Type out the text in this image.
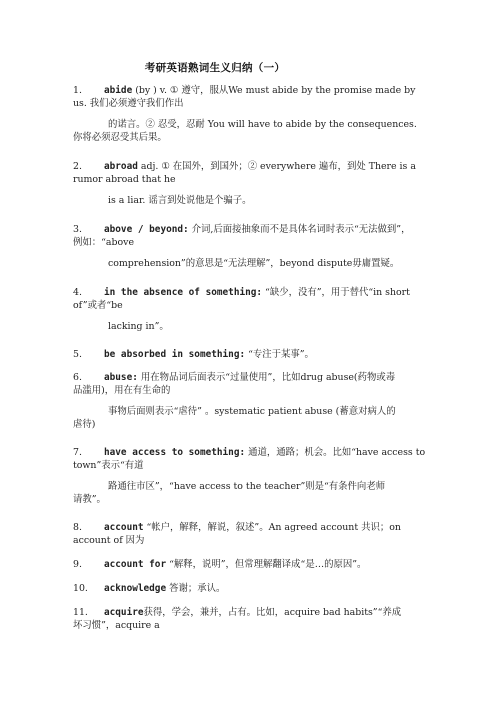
考研英语熟词生义归纳（一）
1. abide (by ) v. ① 遵守，服从We must abide by the promise made by
us. 我们必须遵守我们作出
的诺言。② 忍受，忍耐 You will have to abide by the consequences.
你将必须忍受其后果。
2. abroad adj. ① 在国外，到国外；② everywhere 遍布，到处 There is a
rumor abroad that he
is a liar. 谣言到处说他是个骗子。
3. above / beyond: 介词,后面接抽象而不是具体名词时表示“无法做到”，
例如：“above
comprehension”的意思是“无法理解”，beyond dispute毋庸置疑。
4. in the absence of something: “缺少，没有”，用于替代“in short
of”或者“be
lacking in”。
5. be absorbed in something: “专注于某事”。
6. abuse: 用在物品词后面表示“过量使用”，比如drug abuse(药物或毒
品滥用)，用在有生命的
事物后面则表示“虐待” 。systematic patient abuse (蓄意对病人的
虐待)
7. have access to something: 通道，通路；机会。比如“have access to
town”表示“有道
路通往市区”，“have access to the teacher”则是“有条件向老师
请教”。
8. account “帐户，解释，解说，叙述”。An agreed account 共识；on
account of 因为
9. account for “解释，说明”，但常理解翻译成“是…的原因”。
10. acknowledge 答谢；承认。
11. acquire获得，学会，兼并，占有。比如，acquire bad habits”“养成
坏习惯”，acquire a
